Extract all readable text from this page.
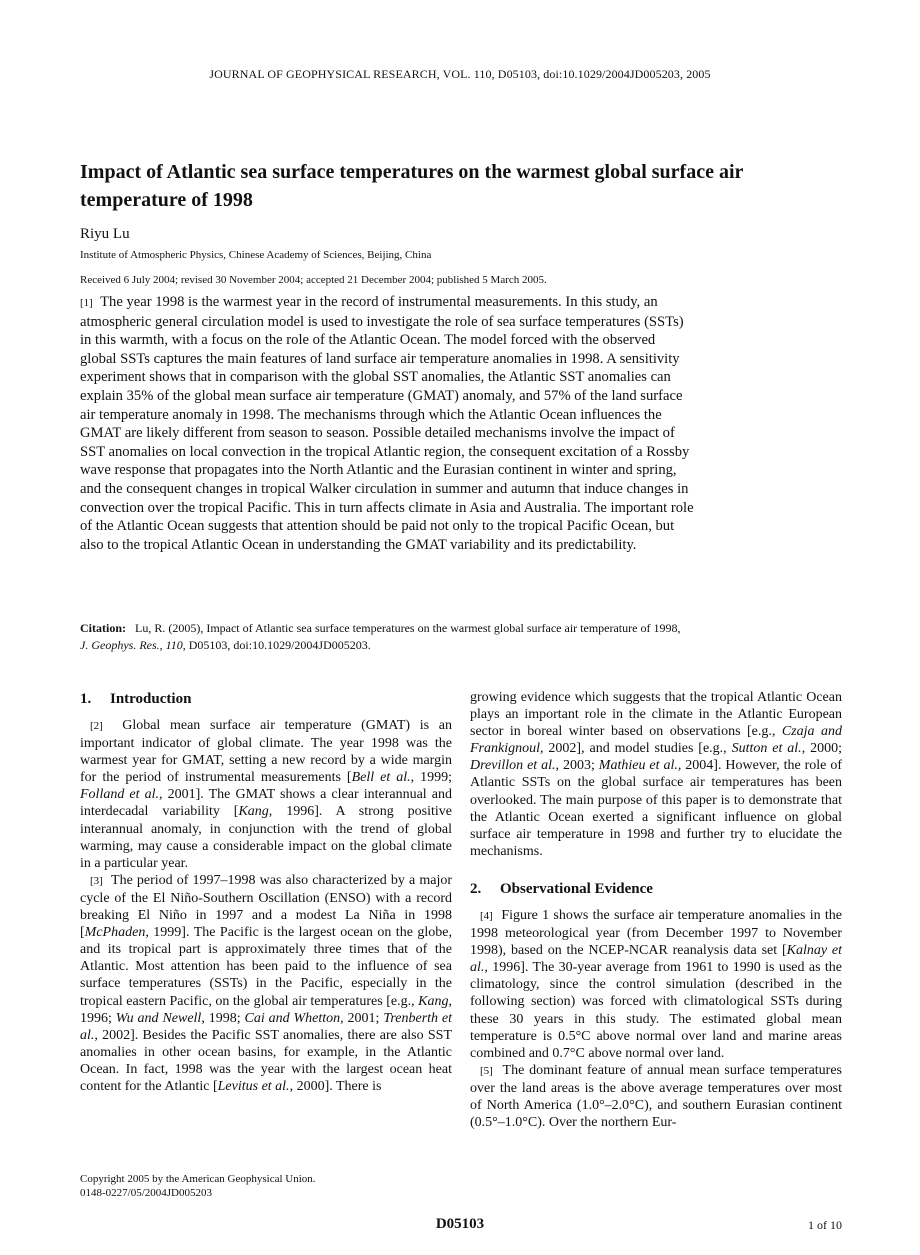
JOURNAL OF GEOPHYSICAL RESEARCH, VOL. 110, D05103, doi:10.1029/2004JD005203, 2005
Impact of Atlantic sea surface temperatures on the warmest global surface air temperature of 1998
Riyu Lu
Institute of Atmospheric Physics, Chinese Academy of Sciences, Beijing, China
Received 6 July 2004; revised 30 November 2004; accepted 21 December 2004; published 5 March 2005.

[1] The year 1998 is the warmest year in the record of instrumental measurements. In this study, an atmospheric general circulation model is used to investigate the role of sea surface temperatures (SSTs) in this warmth, with a focus on the role of the Atlantic Ocean. The model forced with the observed global SSTs captures the main features of land surface air temperature anomalies in 1998. A sensitivity experiment shows that in comparison with the global SST anomalies, the Atlantic SST anomalies can explain 35% of the global mean surface air temperature (GMAT) anomaly, and 57% of the land surface air temperature anomaly in 1998. The mechanisms through which the Atlantic Ocean influences the GMAT are likely different from season to season. Possible detailed mechanisms involve the impact of SST anomalies on local convection in the tropical Atlantic region, the consequent excitation of a Rossby wave response that propagates into the North Atlantic and the Eurasian continent in winter and spring, and the consequent changes in tropical Walker circulation in summer and autumn that induce changes in convection over the tropical Pacific. This in turn affects climate in Asia and Australia. The important role of the Atlantic Ocean suggests that attention should be paid not only to the tropical Pacific Ocean, but also to the tropical Atlantic Ocean in understanding the GMAT variability and its predictability.

Citation: Lu, R. (2005), Impact of Atlantic sea surface temperatures on the warmest global surface air temperature of 1998,
J. Geophys. Res., 110, D05103, doi:10.1029/2004JD005203.
1. Introduction

[2] Global mean surface air temperature (GMAT) is an important indicator of global climate. The year 1998 was the warmest year for GMAT, setting a new record by a wide margin for the period of instrumental measurements [Bell et al., 1999; Folland et al., 2001]. The GMAT shows a clear interannual and interdecadal variability [Kang, 1996]. A strong positive interannual anomaly, in conjunction with the trend of global warming, may cause a considerable impact on the global climate in a particular year.

[3] The period of 1997–1998 was also characterized by a major cycle of the El Niño-Southern Oscillation (ENSO) with a record breaking El Niño in 1997 and a modest La Niña in 1998 [McPhaden, 1999]. The Pacific is the largest ocean on the globe, and its tropical part is approximately three times that of the Atlantic. Most attention has been paid to the influence of sea surface temperatures (SSTs) in the Pacific, especially in the tropical eastern Pacific, on the global air temperatures [e.g., Kang, 1996; Wu and Newell, 1998; Cai and Whetton, 2001; Trenberth et al., 2002]. Besides the Pacific SST anomalies, there are also SST anomalies in other ocean basins, for example, in the Atlantic Ocean. In fact, 1998 was the year with the largest ocean heat content for the Atlantic [Levitus et al., 2000]. There is

growing evidence which suggests that the tropical Atlantic Ocean plays an important role in the climate in the Atlantic European sector in boreal winter based on observations [e.g., Czaja and Frankignoul, 2002], and model studies [e.g., Sutton et al., 2000; Drevillon et al., 2003; Mathieu et al., 2004]. However, the role of Atlantic SSTs on the global surface air temperatures has been overlooked. The main purpose of this paper is to demonstrate that the Atlantic Ocean exerted a significant influence on global surface air temperature in 1998 and further try to elucidate the mechanisms.

2. Observational Evidence

[4] Figure 1 shows the surface air temperature anomalies in the 1998 meteorological year (from December 1997 to November 1998), based on the NCEP-NCAR reanalysis data set [Kalnay et al., 1996]. The 30-year average from 1961 to 1990 is used as the climatology, since the control simulation (described in the following section) was forced with climatological SSTs during these 30 years in this study. The estimated global mean temperature is 0.5°C above normal over land and marine areas combined and 0.7°C above normal over land.

[5] The dominant feature of annual mean surface temperatures over the land areas is the above average temperatures over most of North America (1.0°–2.0°C), and southern Eurasian continent (0.5°–1.0°C). Over the northern Eur-

Copyright 2005 by the American Geophysical Union.
0148-0227/05/2004JD005203
D05103	1 of 10
